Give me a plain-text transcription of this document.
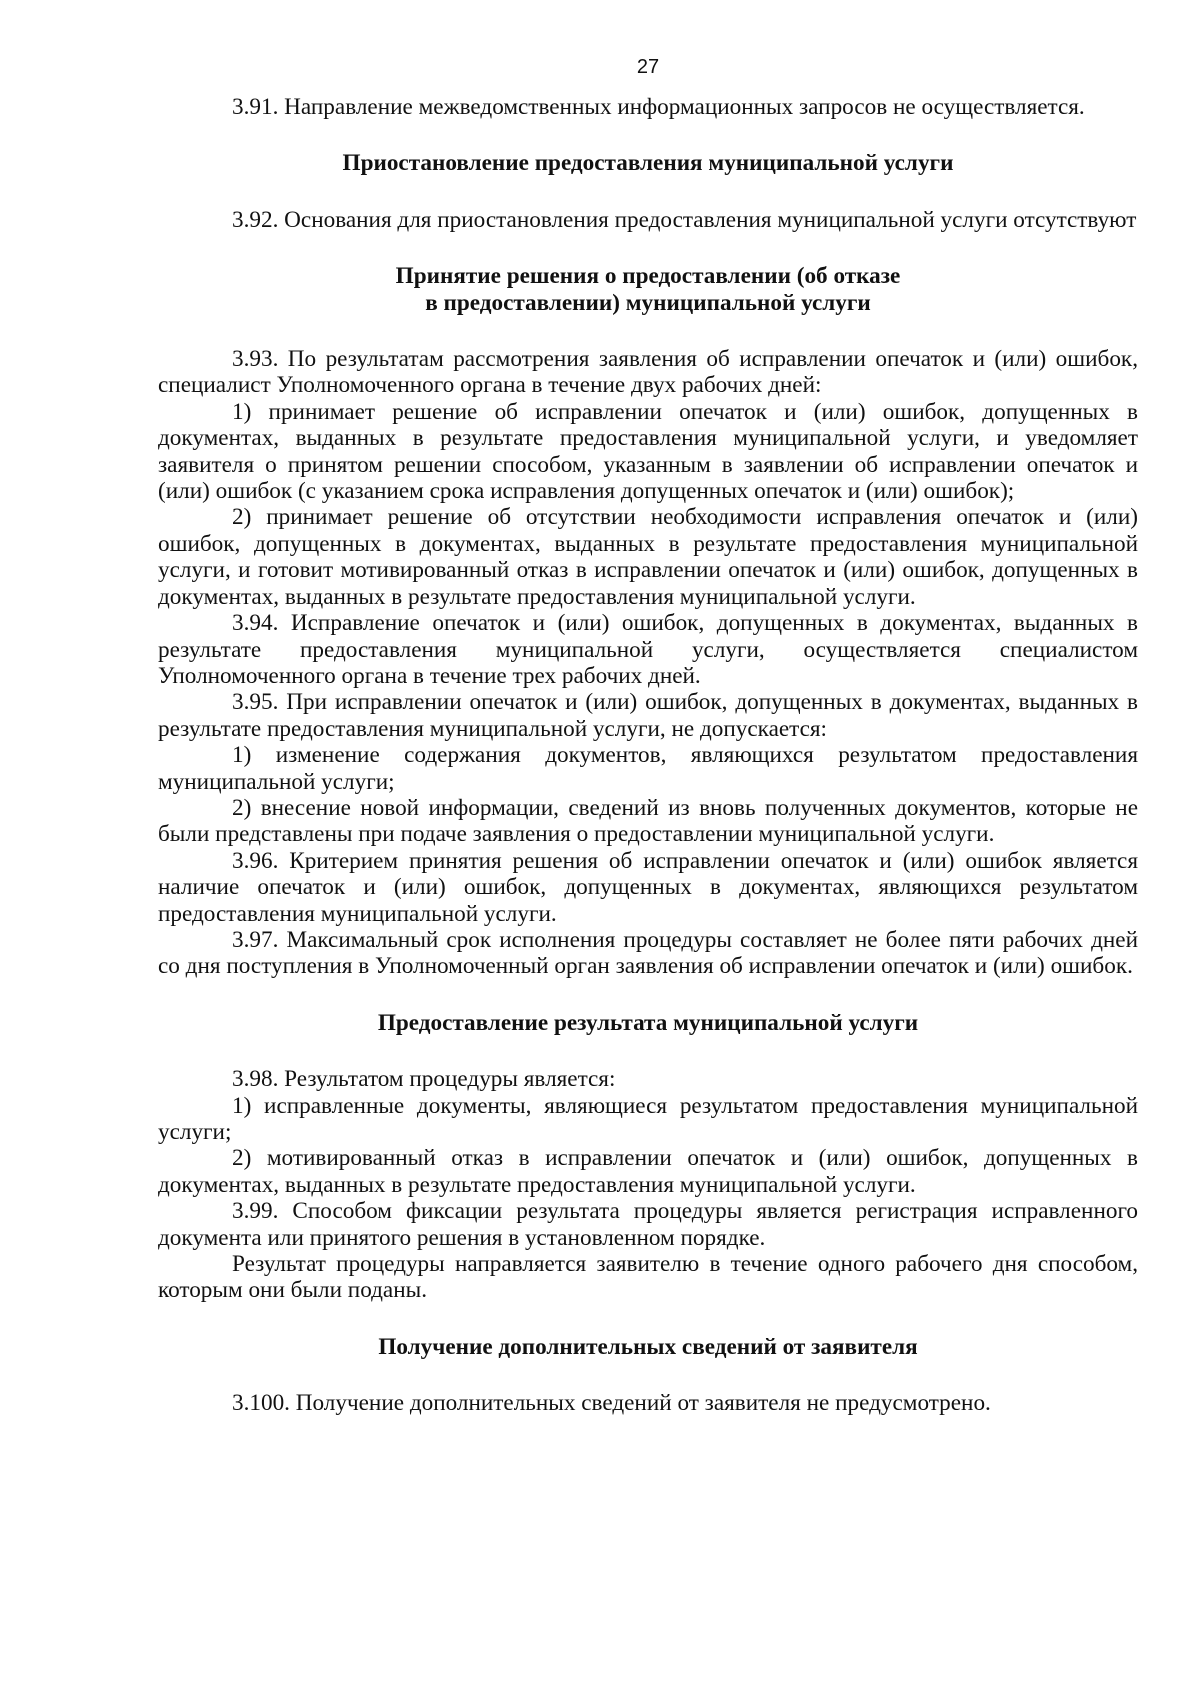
27

3.91. Направление межведомственных информационных запросов не осуществляется.

Приостановление предоставления муниципальной услуги

3.92. Основания для приостановления предоставления муниципальной услуги отсутствуют

Принятие решения о предоставлении (об отказе

в предоставлении) муниципальной услуги

3.93. По результатам рассмотрения заявления об исправлении опечаток и (или) ошибок, специалист Уполномоченного органа в течение двух рабочих дней:

1) принимает решение об исправлении опечаток и (или) ошибок, допущенных в документах, выданных в результате предоставления муниципальной услуги, и уведомляет заявителя о принятом решении способом, указанным в заявлении об исправлении опечаток и (или) ошибок (с указанием срока исправления допущенных опечаток и (или) ошибок);

2) принимает решение об отсутствии необходимости исправления опечаток и (или) ошибок, допущенных в документах, выданных в результате предоставления муниципальной услуги, и готовит мотивированный отказ в исправлении опечаток и (или) ошибок, допущенных в документах, выданных в результате предоставления муниципальной услуги.

3.94. Исправление опечаток и (или) ошибок, допущенных в документах, выданных в результате предоставления муниципальной услуги, осуществляется специалистом Уполномоченного органа в течение трех рабочих дней.

3.95. При исправлении опечаток и (или) ошибок, допущенных в документах, выданных в результате предоставления муниципальной услуги, не допускается:

1) изменение содержания документов, являющихся результатом предоставления муниципальной услуги;

2) внесение новой информации, сведений из вновь полученных документов, которые не были представлены при подаче заявления о предоставлении муниципальной услуги.

3.96. Критерием принятия решения об исправлении опечаток и (или) ошибок является наличие опечаток и (или) ошибок, допущенных в документах, являющихся результатом предоставления муниципальной услуги.

3.97. Максимальный срок исполнения процедуры составляет не более пяти рабочих дней со дня поступления в Уполномоченный орган заявления об исправлении опечаток и (или) ошибок.

Предоставление результата муниципальной услуги

3.98. Результатом процедуры является:

1) исправленные документы, являющиеся результатом предоставления муниципальной услуги;

2) мотивированный отказ в исправлении опечаток и (или) ошибок, допущенных в документах, выданных в результате предоставления муниципальной услуги.

3.99. Способом фиксации результата процедуры является регистрация исправленного документа или принятого решения в установленном порядке.

Результат процедуры направляется заявителю в течение одного рабочего дня способом, которым они были поданы.

Получение дополнительных сведений от заявителя

3.100. Получение дополнительных сведений от заявителя не предусмотрено.
